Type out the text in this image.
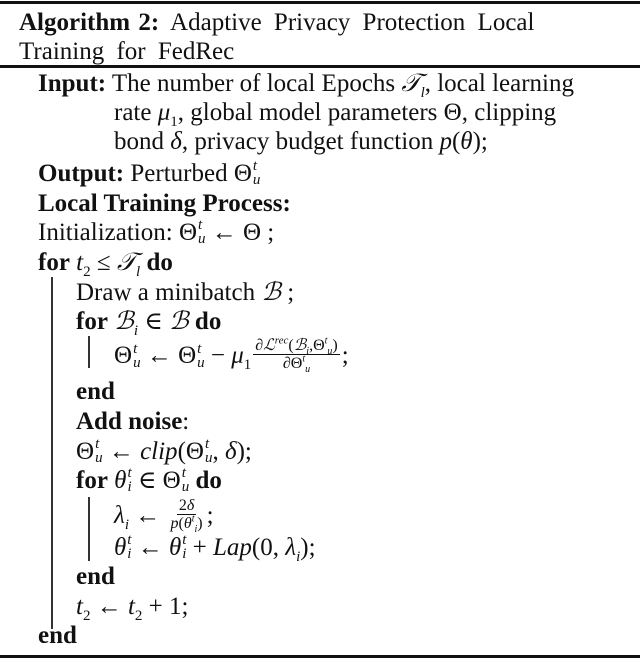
Algorithm 2: Adaptive Privacy Protection Local Training for FedRec
Input: The number of local Epochs 𝒯$_l$, local learning
rate $\mu_1$, global model parameters Θ, clipping
bond δ, privacy budget function p(θ);
Output: Perturbed Θ t
u
Local Training Process:
Initialization: Θ t
u ← Θ ;
for $t_2$ ≤ 𝒯$_l$ do
Draw a minibatch ℬ ;
for ℬ$_i$ ∈ ℬ do
Θ t
u ← Θ t
$u - \mu_1 \frac{\partial ℒ^{rec}(ℬ_i,\Theta^t_u)}{\partial\Theta^t_u}$ ;
end
Add noise:
Θ t
u ← clip(Θ t
u , δ);
for θ t
i ∈ Θ t
u do
$\lambda_i$ ← $\frac{2\delta}{p(\theta^t_i)}$ ;
θ t
i ← θ t
i + Lap(0, $\lambda_i$);
end
$t_2$ ← $t_2 + 1$;
end
